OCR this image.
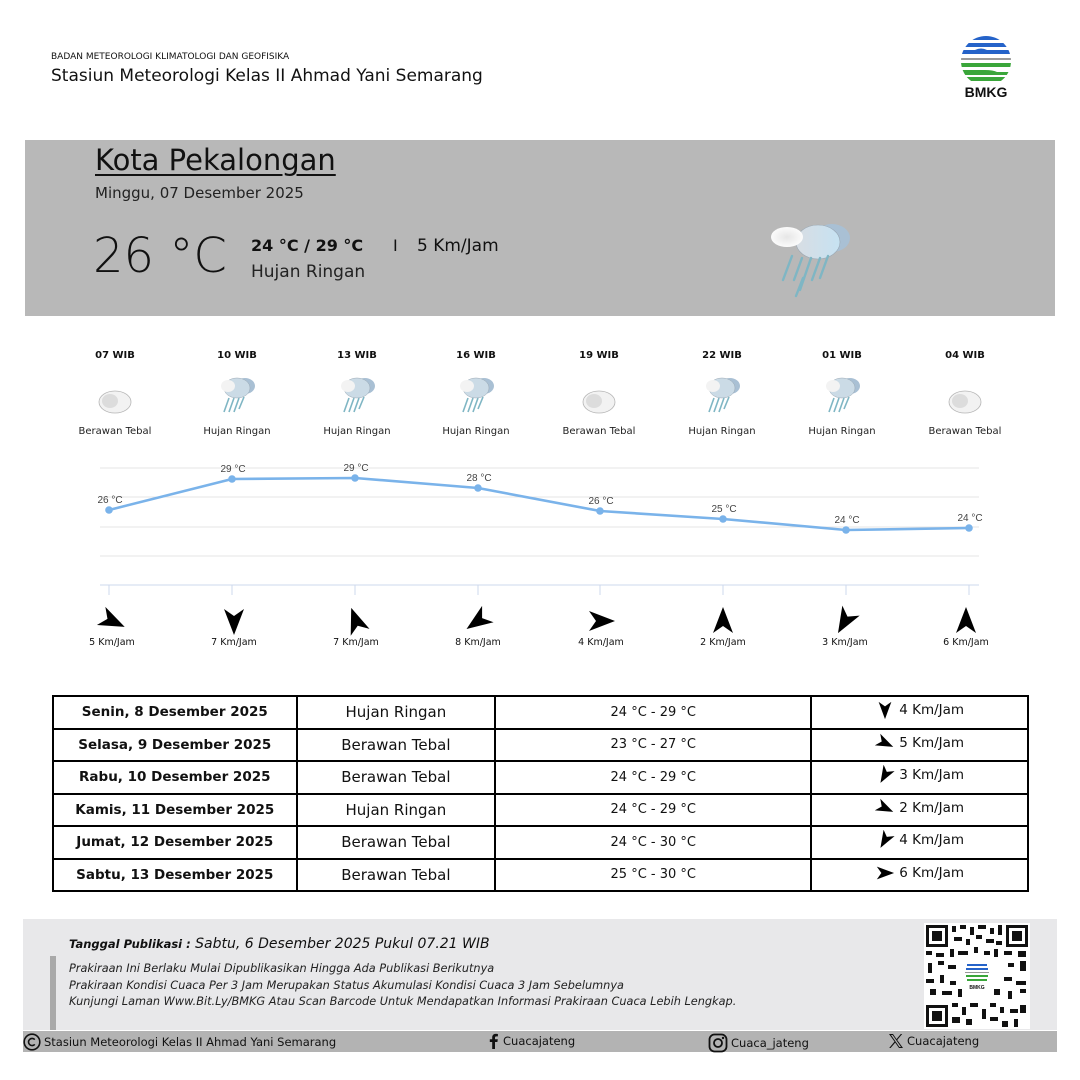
BADAN METEOROLOGI KLIMATOLOGI DAN GEOFISIKA
Stasiun Meteorologi Kelas II Ahmad Yani Semarang
BMKG
Kota Pekalongan
Minggu, 07 Desember 2025
26 °C 24 °C / 29 °C I 5 Km/Jam
Hujan Ringan
07 WIB
Berawan Tebal
10 WIB
Hujan Ringan
13 WIB
Hujan Ringan
16 WIB
Hujan Ringan
19 WIB
Berawan Tebal
22 WIB
Hujan Ringan
01 WIB
Hujan Ringan
04 WIB
Berawan Tebal
26 °C
29 °C	29 °C
28 °C
26 °C
25 °C
24 °C	24 °C
5 Km/Jam	7 Km/Jam	7 Km/Jam	8 Km/Jam	4 Km/Jam	2 Km/Jam	3 Km/Jam	6 Km/Jam
Senin, 8 Desember 2025	Hujan Ringan	24 °C - 29 °C	4 Km/Jam

Selasa, 9 Desember 2025	Berawan Tebal	23 °C - 27 °C	5 Km/Jam

Rabu, 10 Desember 2025	Berawan Tebal	24 °C - 29 °C	3 Km/Jam

Kamis, 11 Desember 2025	Hujan Ringan	24 °C - 29 °C	2 Km/Jam

Jumat, 12 Desember 2025	Berawan Tebal	24 °C - 30 °C	4 Km/Jam

Sabtu, 13 Desember 2025	Berawan Tebal	25 °C - 30 °C	6 Km/Jam
Tanggal Publikasi : Sabtu, 6 Desember 2025 Pukul 07.21 WIB
Prakiraan Ini Berlaku Mulai Dipublikasikan Hingga Ada Publikasi Berikutnya
Prakiraan Kondisi Cuaca Per 3 Jam Merupakan Status Akumulasi Kondisi Cuaca 3 Jam Sebelumnya
Kunjungi Laman Www.Bit.Ly/BMKG Atau Scan Barcode Untuk Mendapatkan Informasi Prakiraan Cuaca Lebih Lengkap.
BMKG
Stasiun Meteorologi Kelas II Ahmad Yani Semarang	Cuacajateng	Cuaca_jateng	Cuacajateng
